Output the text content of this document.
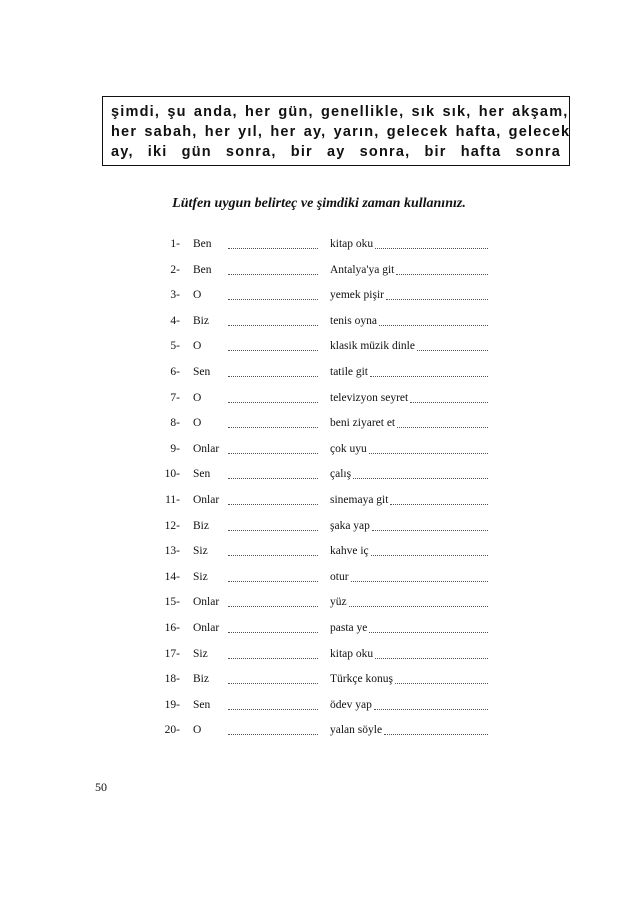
şimdi, şu anda, her gün, genellikle, sık sık, her akşam,
her sabah, her yıl, her ay, yarın, gelecek hafta, gelecek
ay, iki gün sonra, bir ay sonra, bir hafta sonra
Lütfen uygun belirteç ve şimdiki zaman kullanınız.
1- Ben	kitap oku
2- Ben	Antalya'ya git
3- O	yemek pişir
4- Biz	tenis oyna
5- O	klasik müzik dinle
6- Sen	tatile git
7- O	televizyon seyret
8- O	beni ziyaret et
9- Onlar	çok uyu
10- Sen	çalış
11- Onlar	sinemaya git
12- Biz	şaka yap
13- Siz	kahve iç
14- Siz	otur
15- Onlar	yüz
16- Onlar	pasta ye
17- Siz	kitap oku
18- Biz	Türkçe konuş
19- Sen	ödev yap
20- O	yalan söyle
50
